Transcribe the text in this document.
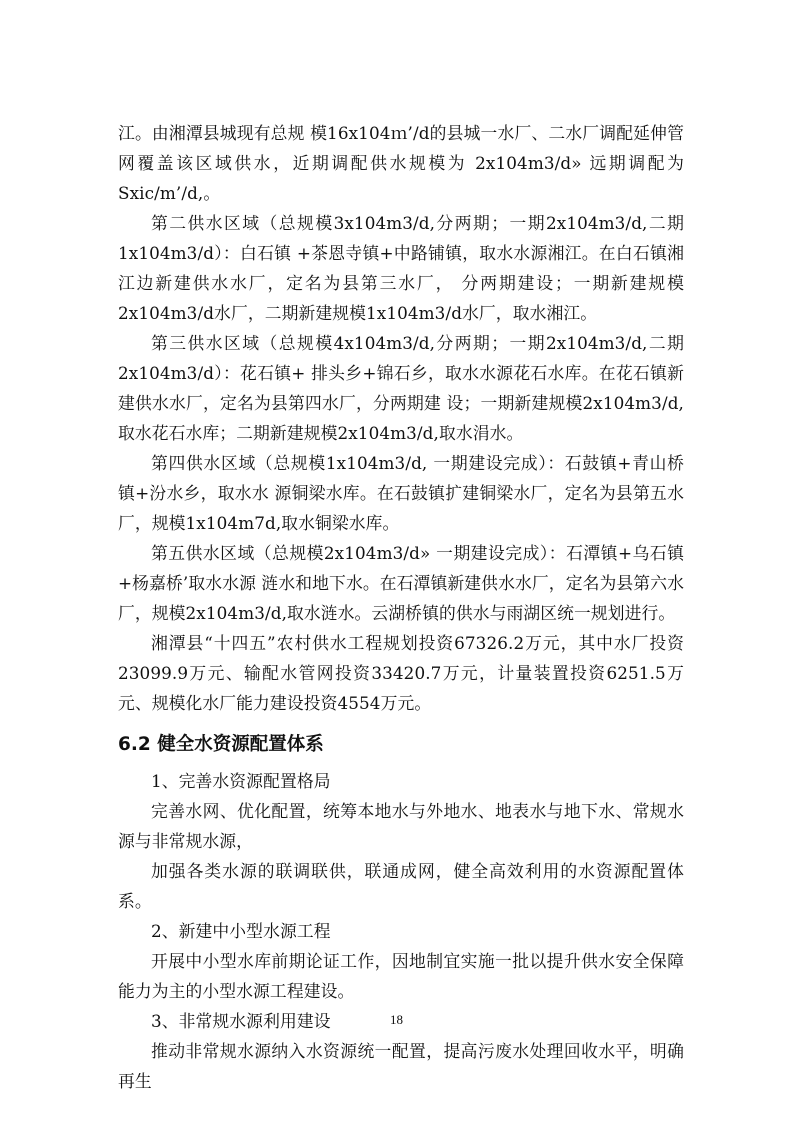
江。由湘潭县城现有总规 模16x104ｍ’/d的县城一水厂、二水厂调配延伸管网覆盖该区域供水，近期调配供水规模为 2x104m3/d» 远期调配为Sxic/m’/d,。

第二供水区域（总规模3x104m3/d,分两期；一期2x104m3/d,二期1x104m3/d）：白石镇 +茶恩寺镇+中路铺镇，取水水源湘江。在白石镇湘江边新建供水水厂，定名为县第三水厂， 分两期建设；一期新建规模2x104m3/d水厂，二期新建规模1x104m3/d水厂，取水湘江。

第三供水区域（总规模4x104m3/d,分两期；一期2x104m3/d,二期2x104m3/d）：花石镇+ 排头乡+锦石乡，取水水源花石水库。在花石镇新建供水水厂，定名为县第四水厂，分两期建 设；一期新建规模2x104m3/d,取水花石水库；二期新建规模2x104m3/d,取水涓水。

第四供水区域（总规模1x104m3/d, 一期建设完成）：石鼓镇+青山桥镇+汾水乡，取水水 源铜梁水库。在石鼓镇扩建铜梁水厂，定名为县第五水厂，规模1x104m7d,取水铜梁水库。

第五供水区域（总规模2x104m3/d» 一期建设完成）：石潭镇+乌石镇+杨嘉桥’取水水源 涟水和地下水。在石潭镇新建供水水厂，定名为县第六水厂，规模2x104m3/d,取水涟水。云湖桥镇的供水与雨湖区统一规划进行。

湘潭县“十四五”农村供水工程规划投资67326.2万元，其中水厂投资23099.9万元、输配水管网投资33420.7万元，计量装置投资6251.5万元、规模化水厂能力建设投资4554万元。

6.2 健全水资源配置体系

1、完善水资源配置格局

完善水网、优化配置，统筹本地水与外地水、地表水与地下水、常规水源与非常规水源，

加强各类水源的联调联供，联通成网，健全高效利用的水资源配置体系。

2、新建中小型水源工程

开展中小型水库前期论证工作，因地制宜实施一批以提升供水安全保障能力为主的小型水源工程建设。

3、非常规水源利用建设

推动非常规水源纳入水资源统一配置，提高污废水处理回收水平，明确再生

18
